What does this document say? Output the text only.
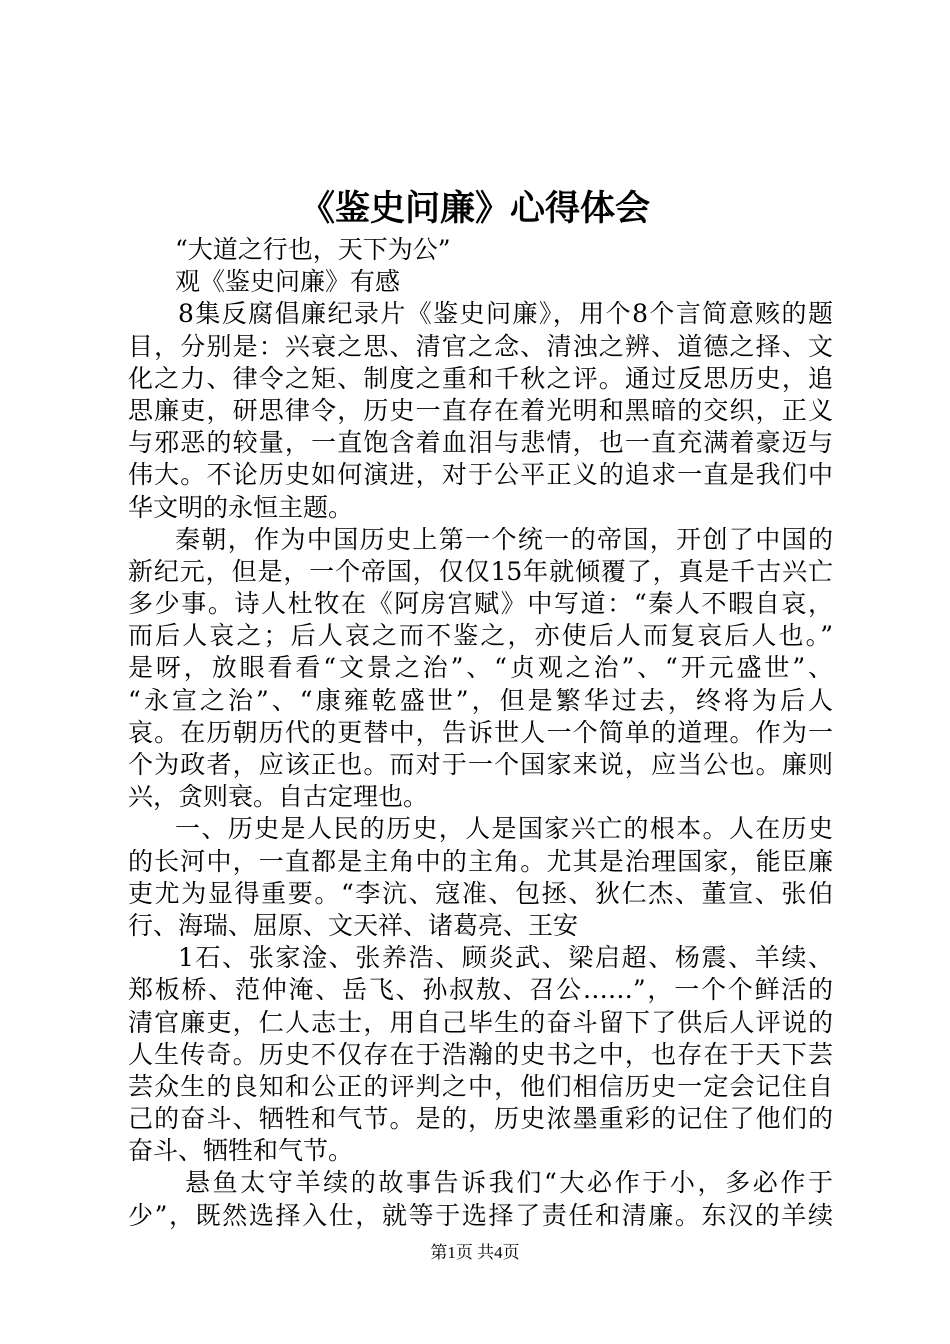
《鉴史问廉》心得体会
“大道之行也，天下为公”
观《鉴史问廉》有感
8集反腐倡廉纪录片《鉴史问廉》，用个8个言简意赅的题
目，分别是：兴衰之思、清官之念、清浊之辨、道德之择、文
化之力、律令之矩、制度之重和千秋之评。通过反思历史，追
思廉吏，研思律令，历史一直存在着光明和黑暗的交织，正义
与邪恶的较量，一直饱含着血泪与悲情，也一直充满着豪迈与
伟大。不论历史如何演进，对于公平正义的追求一直是我们中
华文明的永恒主题。
秦朝，作为中国历史上第一个统一的帝国，开创了中国的
新纪元，但是，一个帝国，仅仅15年就倾覆了，真是千古兴亡
多少事。诗人杜牧在《阿房宫赋》中写道：“秦人不暇自哀，
而后人哀之；后人哀之而不鉴之，亦使后人而复哀后人也。”
是呀，放眼看看“文景之治”、“贞观之治”、“开元盛世”、
“永宣之治”、“康雍乾盛世”，但是繁华过去，终将为后人
哀。在历朝历代的更替中，告诉世人一个简单的道理。作为一
个为政者，应该正也。而对于一个国家来说，应当公也。廉则
兴，贪则衰。自古定理也。
一、历史是人民的历史，人是国家兴亡的根本。人在历史
的长河中，一直都是主角中的主角。尤其是治理国家，能臣廉
吏尤为显得重要。“李沆、寇准、包拯、狄仁杰、董宣、张伯
行、海瑞、屈原、文天祥、诸葛亮、王安
1石、张家淦、张养浩、顾炎武、梁启超、杨震、羊续、
郑板桥、范仲淹、岳飞、孙叔敖、召公……”，一个个鲜活的
清官廉吏，仁人志士，用自己毕生的奋斗留下了供后人评说的
人生传奇。历史不仅存在于浩瀚的史书之中，也存在于天下芸
芸众生的良知和公正的评判之中，他们相信历史一定会记住自
己的奋斗、牺牲和气节。是的，历史浓墨重彩的记住了他们的
奋斗、牺牲和气节。
悬鱼太守羊续的故事告诉我们“大必作于小，多必作于
少”，既然选择入仕，就等于选择了责任和清廉。东汉的羊续
第1页 共4页
